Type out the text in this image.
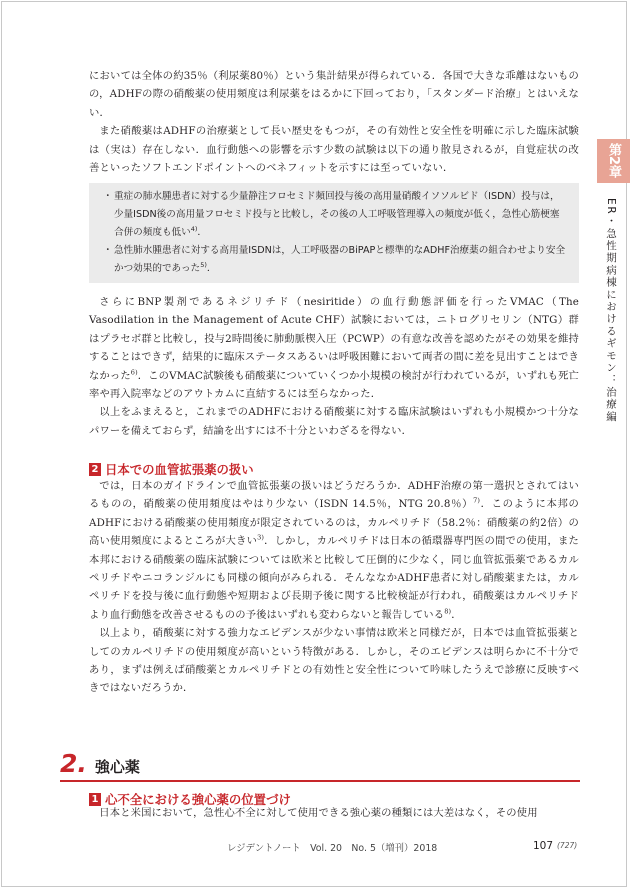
においては全体の約35％（利尿薬80％）という集計結果が得られている．各国で大きな乖離はないものの，ADHFの際の硝酸薬の使用頻度は利尿薬をはるかに下回っており，「スタンダード治療」とはいえない．

また硝酸薬はADHFの治療薬として長い歴史をもつが，その有効性と安全性を明確に示した臨床試験は（実は）存在しない．血行動態への影響を示す少数の試験は以下の通り散見されるが，自覚症状の改善といったソフトエンドポイントへのベネフィットを示すには至っていない．

・ 重症の肺水腫患者に対する少量静注フロセミド頻回投与後の高用量硝酸イソソルビド（ISDN）投与は，少量ISDN後の高用量フロセミド投与と比較し，その後の人工呼吸管理導入の頻度が低く，急性心筋梗塞合併の頻度も低い$^{4)}$．

・ 急性肺水腫患者に対する高用量ISDNは，人工呼吸器のBiPAPと標準的なADHF治療薬の組合わせより安全かつ効果的であった$^{5)}$．

さらにBNP製剤であるネジリチド（nesiritide）の血行動態評価を行ったVMAC（The Vasodilation in the Management of Acute CHF）試験においては，ニトログリセリン（NTG）群はプラセボ群と比較し，投与2時間後に肺動脈楔入圧（PCWP）の有意な改善を認めたがその効果を維持することはできず，結果的に臨床ステータスあるいは呼吸困難において両者の間に差を見出すことはできなかった$^{6)}$．このVMAC試験後も硝酸薬についていくつか小規模の検討が行われているが，いずれも死亡率や再入院率などのアウトカムに直結するには至らなかった．

以上をふまえると，これまでのADHFにおける硝酸薬に対する臨床試験はいずれも小規模かつ十分なパワーを備えておらず，結論を出すには不十分といわざるを得ない．

2 日本での血管拡張薬の扱い

では，日本のガイドラインで血管拡張薬の扱いはどうだろうか．ADHF治療の第一選択とされてはいるものの，硝酸薬の使用頻度はやはり少ない（ISDN 14.5％，NTG 20.8％）$^{7)}$．このように本邦のADHFにおける硝酸薬の使用頻度が限定されているのは，カルペリチド（58.2％：硝酸薬の約2倍）の高い使用頻度によるところが大きい$^{3)}$．しかし，カルペリチドは日本の循環器専門医の間での使用，また本邦における硝酸薬の臨床試験については欧米と比較して圧倒的に少なく，同じ血管拡張薬であるカルペリチドやニコランジルにも同様の傾向がみられる．そんななかADHF患者に対し硝酸薬または，カルペリチドを投与後に血行動態や短期および長期予後に関する比較検証が行われ，硝酸薬はカルペリチドより血行動態を改善させるものの予後はいずれも変わらないと報告している$^{8)}$．

以上より，硝酸薬に対する強力なエビデンスが少ない事情は欧米と同様だが，日本では血管拡張薬としてのカルペリチドの使用頻度が高いという特徴がある．しかし，そのエビデンスは明らかに不十分であり，まずは例えば硝酸薬とカルペリチドとの有効性と安全性について吟味したうえで診療に反映すべきではないだろうか．

2. 強心薬
1 心不全における強心薬の位置づけ

日本と米国において，急性心不全に対して使用できる強心薬の種類には大差はなく，その使用

第2章
ER・急性期病棟におけるギモン：治療編
レジデントノート　Vol. 20　No. 5（増刊）2018	107 (727)
